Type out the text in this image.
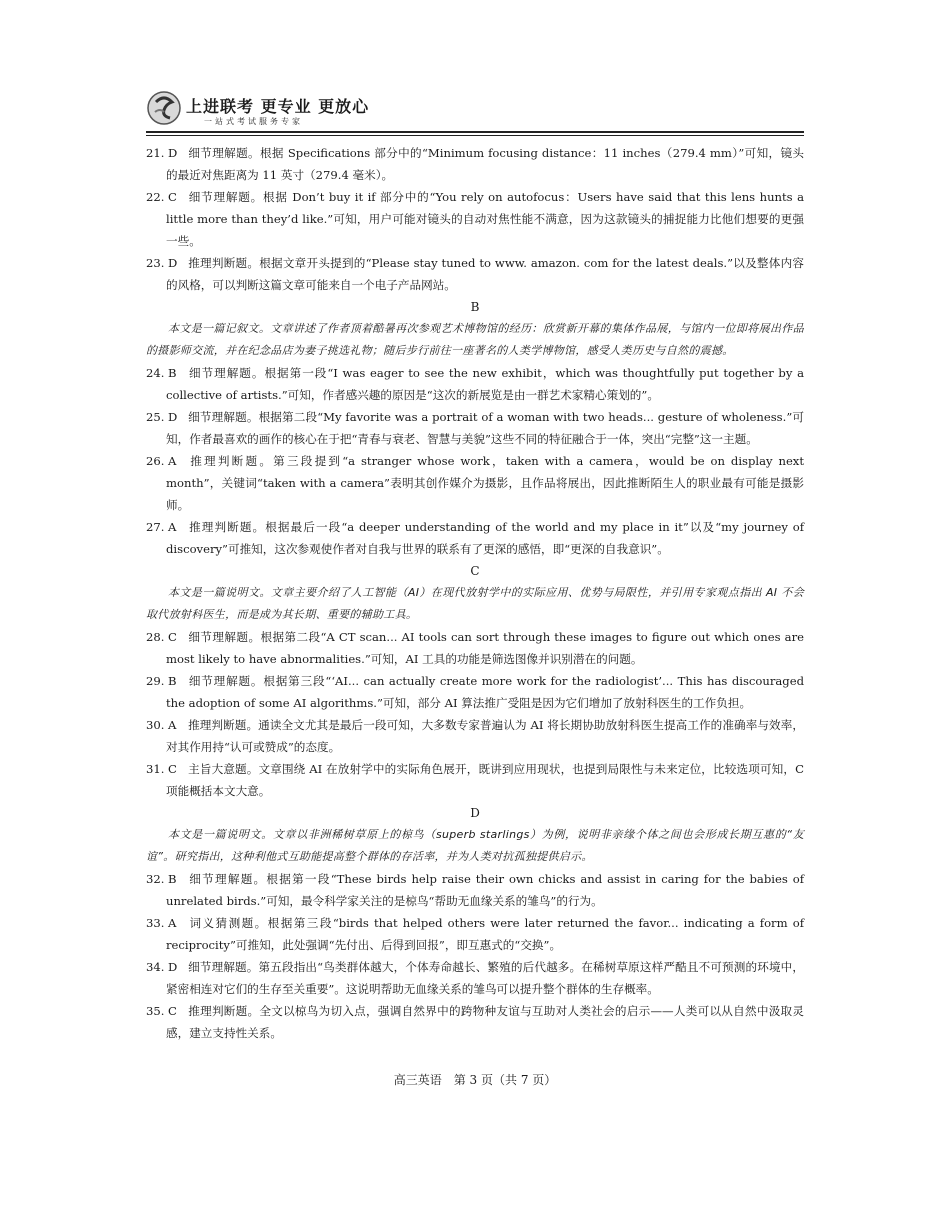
上进联考 更专业 更放心
一站式考试服务专家
21. D 细节理解题。根据 Specifications 部分中的“Minimum focusing distance：11 inches（279.4 mm）”可知，镜头的最近对焦距离为 11 英寸（279.4 毫米）。
22. C 细节理解题。根据 Don’t buy it if 部分中的“You rely on autofocus：Users have said that this lens hunts a little more than they’d like.”可知，用户可能对镜头的自动对焦性能不满意，因为这款镜头的捕捉能力比他们想要的更强一些。
23. D 推理判断题。根据文章开头提到的“Please stay tuned to www. amazon. com for the latest deals.”以及整体内容的风格，可以判断这篇文章可能来自一个电子产品网站。
B
本文是一篇记叙文。文章讲述了作者顶着酷暑再次参观艺术博物馆的经历：欣赏新开幕的集体作品展，与馆内一位即将展出作品的摄影师交流，并在纪念品店为妻子挑选礼物；随后步行前往一座著名的人类学博物馆，感受人类历史与自然的震撼。
24. B 细节理解题。根据第一段“I was eager to see the new exhibit，which was thoughtfully put together by a collective of artists.”可知，作者感兴趣的原因是“这次的新展览是由一群艺术家精心策划的”。
25. D 细节理解题。根据第二段“My favorite was a portrait of a woman with two heads... gesture of wholeness.”可知，作者最喜欢的画作的核心在于把“青春与衰老、智慧与美貌”这些不同的特征融合于一体，突出“完整”这一主题。
26. A 推理判断题。第三段提到“a stranger whose work，taken with a camera，would be on display next month”，关键词“taken with a camera”表明其创作媒介为摄影，且作品将展出，因此推断陌生人的职业最有可能是摄影师。
27. A 推理判断题。根据最后一段“a deeper understanding of the world and my place in it”以及“my journey of discovery”可推知，这次参观使作者对自我与世界的联系有了更深的感悟，即“更深的自我意识”。
C
本文是一篇说明文。文章主要介绍了人工智能（AI）在现代放射学中的实际应用、优势与局限性，并引用专家观点指出 AI 不会取代放射科医生，而是成为其长期、重要的辅助工具。
28. C 细节理解题。根据第二段“A CT scan... AI tools can sort through these images to figure out which ones are most likely to have abnormalities.”可知，AI 工具的功能是筛选图像并识别潜在的问题。
29. B 细节理解题。根据第三段“‘AI... can actually create more work for the radiologist’... This has discouraged the adoption of some AI algorithms.”可知，部分 AI 算法推广受阻是因为它们增加了放射科医生的工作负担。
30. A 推理判断题。通读全文尤其是最后一段可知，大多数专家普遍认为 AI 将长期协助放射科医生提高工作的准确率与效率，对其作用持“认可或赞成”的态度。
31. C 主旨大意题。文章围绕 AI 在放射学中的实际角色展开，既讲到应用现状，也提到局限性与未来定位，比较选项可知，C 项能概括本文大意。
D
本文是一篇说明文。文章以非洲稀树草原上的椋鸟（superb starlings）为例，说明非亲缘个体之间也会形成长期互惠的“友谊”。研究指出，这种利他式互助能提高整个群体的存活率，并为人类对抗孤独提供启示。
32. B 细节理解题。根据第一段“These birds help raise their own chicks and assist in caring for the babies of unrelated birds.”可知，最令科学家关注的是椋鸟“帮助无血缘关系的雏鸟”的行为。
33. A 词义猜测题。根据第三段“birds that helped others were later returned the favor... indicating a form of reciprocity”可推知，此处强调“先付出、后得到回报”，即互惠式的“交换”。
34. D 细节理解题。第五段指出“鸟类群体越大，个体寿命越长、繁殖的后代越多。在稀树草原这样严酷且不可预测的环境中，紧密相连对它们的生存至关重要”。这说明帮助无血缘关系的雏鸟可以提升整个群体的生存概率。
35. C 推理判断题。全文以椋鸟为切入点，强调自然界中的跨物种友谊与互助对人类社会的启示——人类可以从自然中汲取灵感，建立支持性关系。
高三英语　第 3 页（共 7 页）
